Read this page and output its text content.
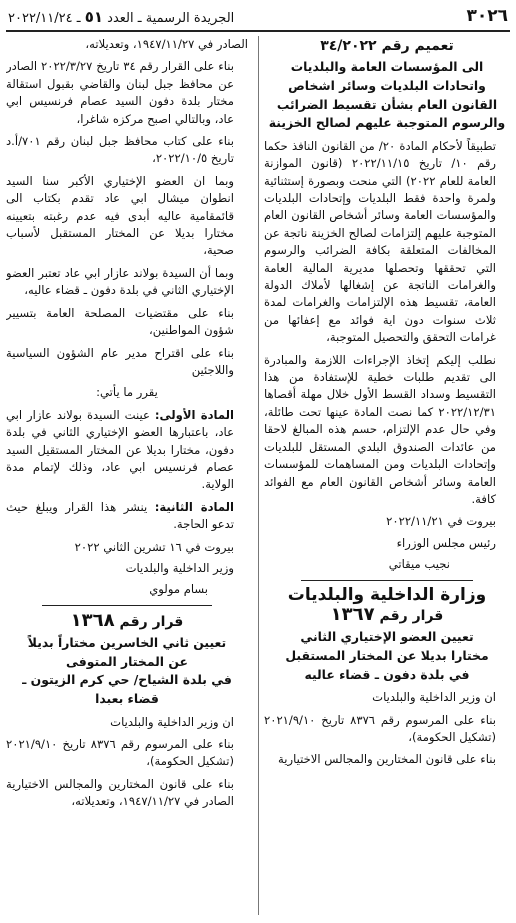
٣٠٢٦
الجريدة الرسمية ـ العدد ٥١ ـ ٢٠٢٢/١١/٢٤
تعميم رقم ٣٤/٢٠٢٢

الى المؤسسات العامة والبلديات واتحادات البلديات وسائر اشخاص القانون العام بشأن تقسيط الضرائب والرسوم المتوجبة عليهم لصالح الخزينة

تطبيقاً لأحكام المادة ٢٠/ من القانون النافذ حكما رقم ١٠/ تاريخ ٢٠٢٢/١١/١٥ (قانون الموازنة العامة للعام ٢٠٢٢) التي منحت وبصورة إستثنائية ولمرة واحدة فقط البلديات وإتحادات البلديات والمؤسسات العامة وسائر أشخاص القانون العام المتوجبة عليهم إلتزامات لصالح الخزينة ناتجة عن المخالفات المتعلقة بكافة الضرائب والرسوم التي تحققها وتحصلها مديرية المالية العامة والغرامات الناتجة عن إشغالها لأملاك الدولة العامة، تقسيط هذه الإلتزامات والغرامات لمدة ثلاث سنوات دون اية فوائد مع إعفائها من غرامات التحقق والتحصيل المتوجبة،

نطلب إليكم إتخاذ الإجراءات اللازمة والمبادرة الى تقديم طلبات خطية للإستفادة من هذا التقسيط وسداد القسط الأول خلال مهلة أقصاها ٢٠٢٢/١٢/٣١ كما نصت المادة عينها تحت طائلة، وفي حال عدم الإلتزام، حسم هذه المبالغ لاحقا من عائدات الصندوق البلدي المستقل للبلديات وإتحادات البلديات ومن المساهمات للمؤسسات العامة وسائر أشخاص القانون العام مع الفوائد كافة.

بيروت في ٢٠٢٢/١١/٢١
رئيس مجلس الوزراء
نجيب ميقاتي
وزارة الداخلية والبلديات
قرار رقم ١٣٦٧

تعيين العضو الإختياري الثاني

مختارا بديلا عن المختار المستقبل

في بلدة دفون ـ قضاء عاليه

ان وزير الداخلية والبلديات

بناء على المرسوم رقم ٨٣٧٦ تاريخ ٢٠٢١/٩/١٠ (تشكيل الحكومة)،

بناء على قانون المختارين والمجالس الاختيارية

الصادر في ١٩٤٧/١١/٢٧، وتعديلاته،

بناء على القرار رقم ٣٤ تاريخ ٢٠٢٢/٣/٢٧ الصادر عن محافظ جبل لبنان والقاضي بقبول استقالة مختار بلدة دفون السيد عصام فرنسيس ابي عاد، وبالتالي اصبح مركزه شاغرا،

بناء على كتاب محافظ جبل لبنان رقم ٧٠١/أ.د تاريخ ٢٠٢٢/١٠/٥،

وبما ان العضو الإختياري الأكبر سنا السيد انطوان ميشال ابي عاد تقدم بكتاب الى قائمقامية عاليه أبدى فيه عدم رغبته بتعيينه مختارا بديلا عن المختار المستقبل لأسباب صحية،

وبما أن السيدة بولاند عازار ابي عاد تعتبر العضو الإختياري الثاني في بلدة دفون ـ قضاء عاليه،

بناء على مقتضيات المصلحة العامة بتسيير شؤون المواطنين،

بناء على اقتراح مدير عام الشؤون السياسية واللاجئين

يقرر ما يأتي:

المادة الأولى: عينت السيدة بولاند عازار ابي عاد، باعتبارها العضو الإختياري الثاني في بلدة دفون، مختارا بديلا عن المختار المستقيل السيد عصام فرنسيس ابي عاد، وذلك لإتمام مدة الولاية.

المادة الثانية: ينشر هذا القرار ويبلغ حيث تدعو الحاجة.

بيروت في ١٦ تشرين الثاني ٢٠٢٢
وزير الداخلية والبلديات
بسام مولوي
قرار رقم ١٣٦٨

تعيين ثاني الخاسرين مختاراً بديلاً

عن المختار المتوفى

في بلدة الشياح/ حي كرم الزيتون ـ قضاء بعبدا

ان وزير الداخلية والبلديات

بناء على المرسوم رقم ٨٣٧٦ تاريخ ٢٠٢١/٩/١٠ (تشكيل الحكومة)،

بناء على قانون المختارين والمجالس الاختيارية الصادر في ١٩٤٧/١١/٢٧، وتعديلاته،
